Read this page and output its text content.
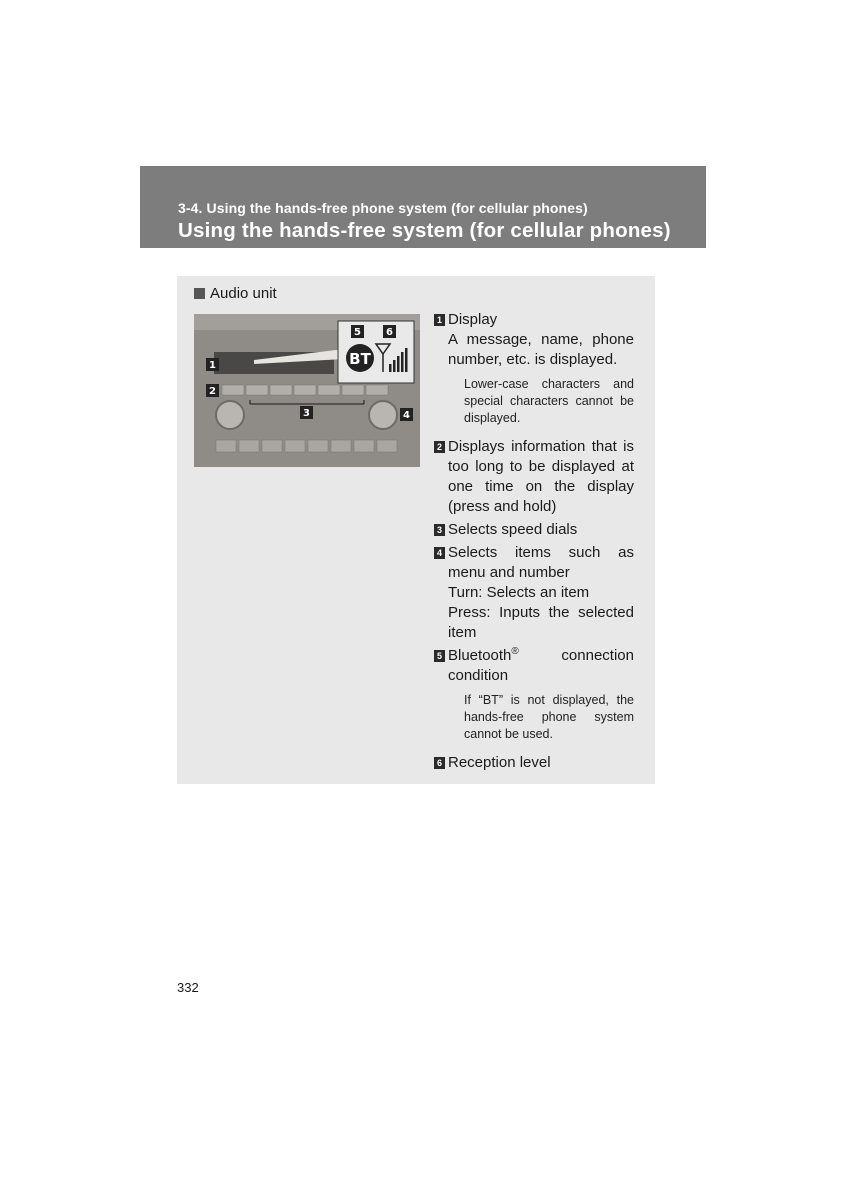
3-4. Using the hands-free phone system (for cellular phones)
Using the hands-free system (for cellular phones)
Audio unit
BT
1
2
3	4
5	6
1 Display
A message, name, phone number, etc. is displayed.
Lower-case characters and special characters cannot be displayed.
2 Displays information that is too long to be displayed at one time on the display (press and hold)
3 Selects speed dials
4 Selects items such as menu and number
Turn: Selects an item
Press: Inputs the selected item
5 Bluetooth® connection condition
If “BT” is not displayed, the hands-free phone system cannot be used.
6 Reception level
332
